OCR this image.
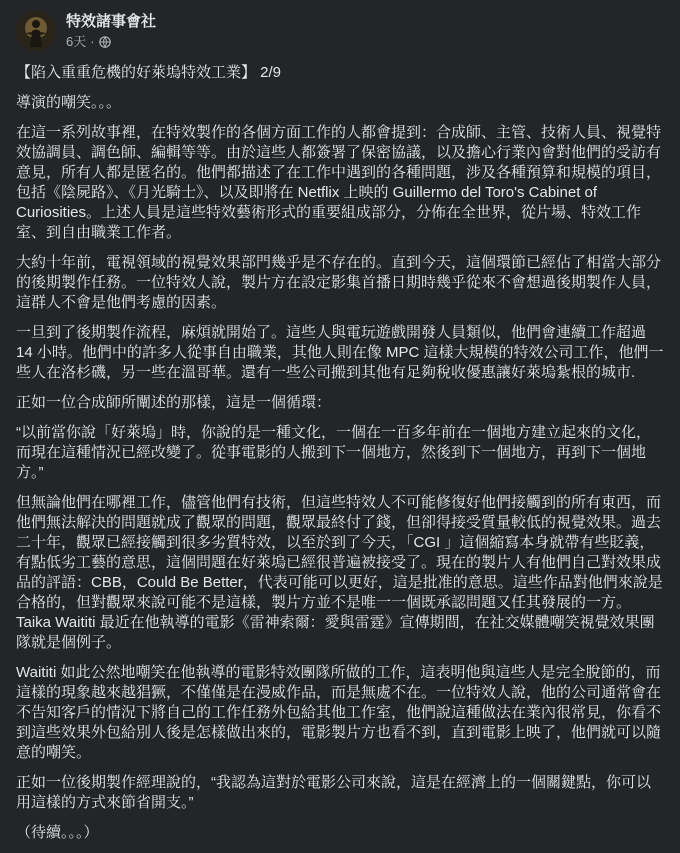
特效諸事會社
6天 ·

【陷入重重危機的好萊塢特效工業】 2/9

導演的嘲笑。。。

在這一系列故事裡，在特效製作的各個方面工作的人都會提到：合成師、主管、技術人員、視覺特效協調員、調色師、編輯等等。由於這些人都簽署了保密協議，以及擔心行業內會對他們的受訪有意見，所有人都是匿名的。他們都描述了在工作中遇到的各種問題，涉及各種預算和規模的項目，包括《陰屍路》、《月光騎士》、以及即將在 Netflix 上映的 Guillermo del Toro's Cabinet of Curiosities。上述人員是這些特效藝術形式的重要組成部分，分佈在全世界，從片場、特效工作室、到自由職業工作者。

大約十年前，電視領域的視覺效果部門幾乎是不存在的。直到今天，這個環節已經佔了相當大部分的後期製作任務。一位特效人說，製片方在設定影集首播日期時幾乎從來不會想過後期製作人員，這群人不會是他們考慮的因素。

一旦到了後期製作流程，麻煩就開始了。這些人與電玩遊戲開發人員類似，他們會連續工作超過 14 小時。他們中的許多人從事自由職業，其他人則在像 MPC 這樣大規模的特效公司工作，他們一些人在洛杉磯，另一些在溫哥華。還有一些公司搬到其他有足夠稅收優惠讓好萊塢紮根的城市.

正如一位合成師所闡述的那樣，這是一個循環：

“以前當你說「好萊塢」時，你說的是一種文化，一個在一百多年前在一個地方建立起來的文化，而現在這種情況已經改變了。從事電影的人搬到下一個地方，然後到下一個地方，再到下一個地方。”

但無論他們在哪裡工作，儘管他們有技術，但這些特效人不可能修復好他們接觸到的所有東西，而他們無法解決的問題就成了觀眾的問題，觀眾最終付了錢，但卻得接受質量較低的視覺效果。過去二十年，觀眾已經接觸到很多劣質特效，以至於到了今天，「CGI 」這個縮寫本身就帶有些貶義，有點低劣工藝的意思，這個問題在好萊塢已經很普遍被接受了。現在的製片人有他們自己對效果成品的評語：CBB，Could Be Better，代表可能可以更好，這是批准的意思。這些作品對他們來說是合格的，但對觀眾來說可能不是這樣，製片方並不是唯一一個既承認問題又任其發展的一方。Taika Waititi 最近在他執導的電影《雷神索爾：愛與雷霆》宣傳期間，在社交媒體嘲笑視覺效果團隊就是個例子。

Waititi 如此公然地嘲笑在他執導的電影特效團隊所做的工作，這表明他與這些人是完全脫節的，而這樣的現象越來越猖獗，不僅僅是在漫威作品，而是無處不在。一位特效人說，他的公司通常會在不告知客戶的情況下將自己的工作任務外包給其他工作室，他們說這種做法在業內很常見，你看不到這些效果外包給別人後是怎樣做出來的，電影製片方也看不到，直到電影上映了，他們就可以隨意的嘲笑。

正如一位後期製作經理說的，“我認為這對於電影公司來說，這是在經濟上的一個關鍵點，你可以用這樣的方式來節省開支。”

（待續。。。）
